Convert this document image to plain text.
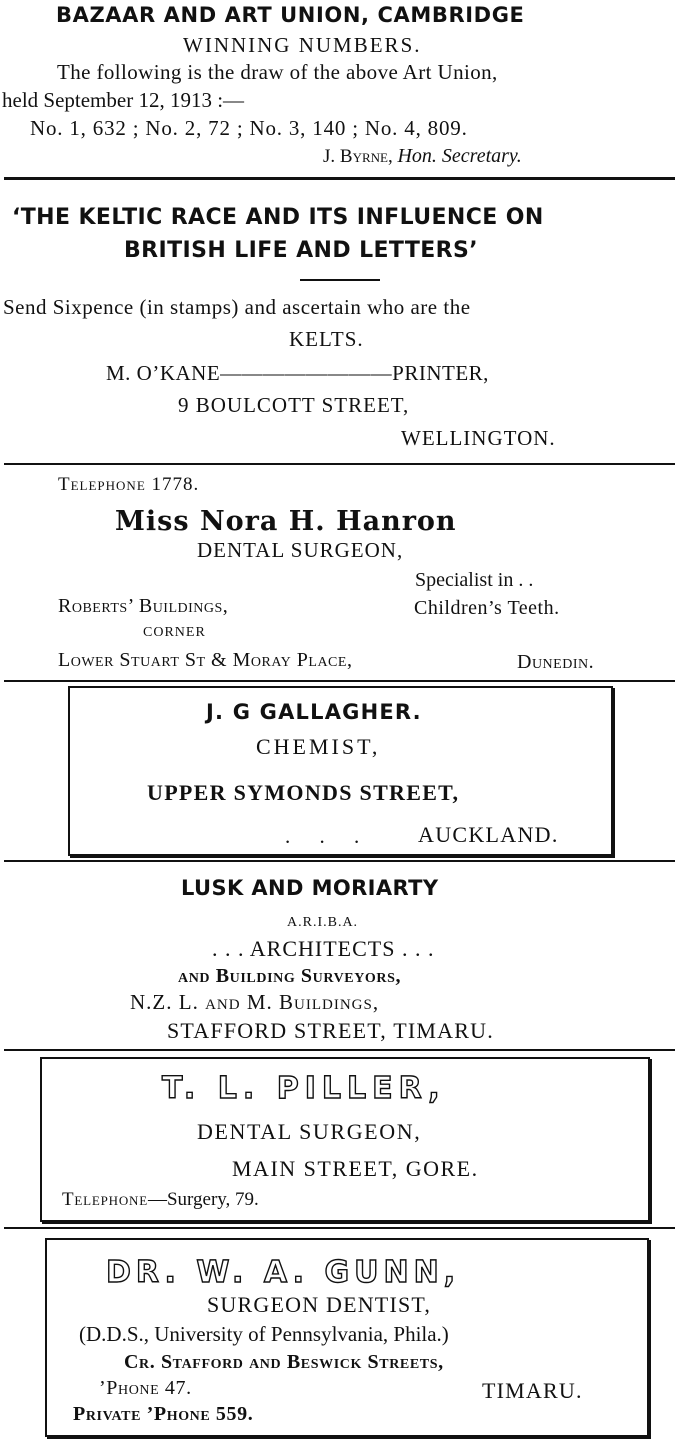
BAZAAR AND ART UNION, CAMBRIDGE
WINNING NUMBERS.
The following is the draw of the above Art Union,
held September 12, 1913 :—
No. 1, 632 ; No. 2, 72 ; No. 3, 140 ; No. 4, 809.
J. Byrne, Hon. Secretary.
‘THE KELTIC RACE AND ITS INFLUENCE ON
BRITISH LIFE AND LETTERS’
Send Sixpence (in stamps) and ascertain who are the
KELTS.
M. O’KANE————————PRINTER,
9 BOULCOTT STREET,
WELLINGTON.
Telephone 1778.
Miss Nora H. Hanron
DENTAL SURGEON,
Specialist in . .
Roberts’ Buildings,	Children’s Teeth.
CORNER
Lower Stuart St & Moray Place,	Dunedin.
J. G GALLAGHER.
CHEMIST,
UPPER SYMONDS STREET,
. . . AUCKLAND.
LUSK AND MORIARTY
A.R.I.B.A.
. . . ARCHITECTS . . .
and Building Surveyors,
N.Z. L. and M. Buildings,
STAFFORD STREET, TIMARU.
T. L. PILLER,
DENTAL SURGEON,
MAIN STREET, GORE.
Telephone—Surgery, 79.
DR. W. A. GUNN,
SURGEON DENTIST,
(D.D.S., University of Pennsylvania, Phila.)
Cr. Stafford and Beswick Streets,
’Phone 47.	TIMARU.
Private ’Phone 559.
